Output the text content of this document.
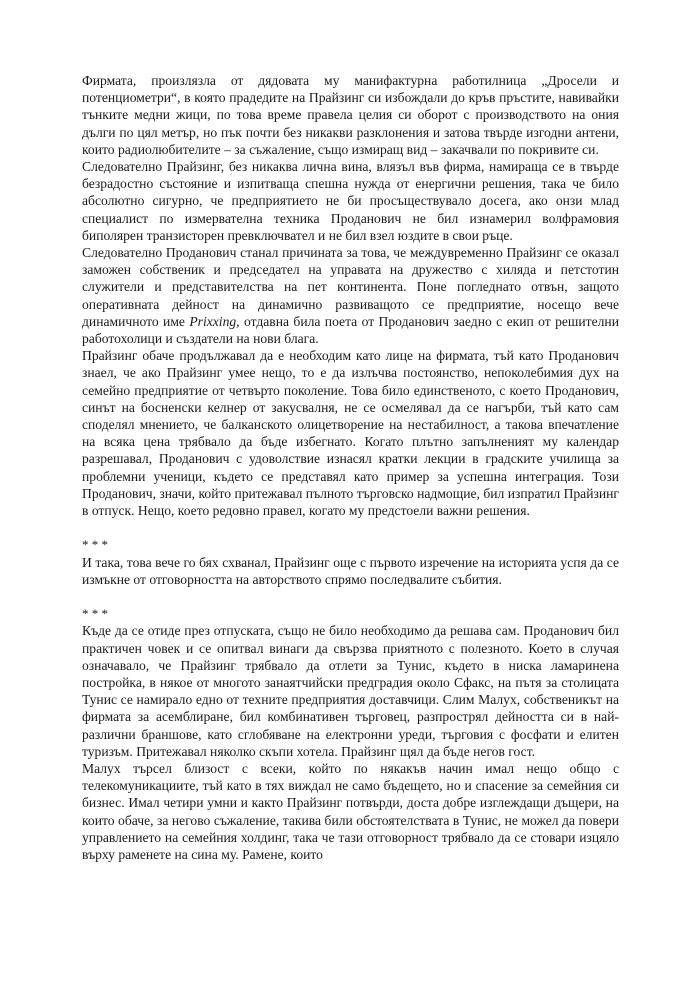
Фирмата, произлязла от дядовата му манифактурна работилница „Дросели и потенциометри“, в която прадедите на Прайзинг си избождали до кръв пръстите, навивайки тънките медни жици, по това време правела целия си оборот с производството на ония дълги по цял метър, но пък почти без никакви разклонения и затова твърде изгодни антени, които радиолюбителите – за съжаление, също измиращ вид – закачвали по покривите си.

Следователно Прайзинг, без никаква лична вина, влязъл във фирма, намираща се в твърде безрадостно състояние и изпитваща спешна нужда от енергични решения, така че било абсолютно сигурно, че предприятието не би просъществувало досега, ако онзи млад специалист по измервателна техника Проданович не бил изнамерил волфрамовия биполярен транзисторен превключвател и не бил взел юздите в свои ръце.

Следователно Проданович станал причината за това, че междувременно Прайзинг се оказал заможен собственик и председател на управата на дружество с хиляда и петстотин служители и представителства на пет континента. Поне погледнато отвън, защото оперативната дейност на динамично развиващото се предприятие, носещо вече динамичното име Prixxing, отдавна била поета от Проданович заедно с екип от решителни работохолици и създатели на нови блага.

Прайзинг обаче продължавал да е необходим като лице на фирмата, тъй като Проданович знаел, че ако Прайзинг умее нещо, то е да излъчва постоянство, непоколебимия дух на семейно предприятие от четвърто поколение. Това било единственото, с което Проданович, синът на босненски келнер от закусвалня, не се осмелявал да се нагърби, тъй като сам споделял мнението, че балканското олицетворение на нестабилност, а такова впечатление на всяка цена трябвало да бъде избегнато. Когато плътно запълненият му календар разрешавал, Проданович с удоволствие изнасял кратки лекции в градските училища за проблемни ученици, където се представял като пример за успешна интеграция. Този Проданович, значи, който притежавал пълното търговско надмощие, бил изпратил Прайзинг в отпуск. Нещо, което редовно правел, когато му предстоели важни решения.

* * *

И така, това вече го бях схванал, Прайзинг още с първото изречение на историята успя да се измъкне от отговорността на авторството спрямо последвалите събития.

* * *

Къде да се отиде през отпуската, също не било необходимо да решава сам. Проданович бил практичен човек и се опитвал винаги да свързва приятното с полезното. Което в случая означавало, че Прайзинг трябвало да отлети за Тунис, където в ниска ламаринена постройка, в някое от многото занаятчийски предградия около Сфакс, на пътя за столицата Тунис се намирало едно от техните предприятия доставчици. Слим Малух, собственикът на фирмата за асемблиране, бил комбинативен търговец, разпрострял дейността си в най-различни браншове, като сглобяване на електронни уреди, търговия с фосфати и елитен туризъм. Притежавал няколко скъпи хотела. Прайзинг щял да бъде негов гост.

Малух търсел близост с всеки, който по някакъв начин имал нещо общо с телекомуникациите, тъй като в тях виждал не само бъдещето, но и спасение за семейния си бизнес. Имал четири умни и както Прайзинг потвърди, доста добре изглеждащи дъщери, на които обаче, за негово съжаление, такива били обстоятелствата в Тунис, не можел да повери управлението на семейния холдинг, така че тази отговорност трябвало да се стовари изцяло върху раменете на сина му. Рамене, които
